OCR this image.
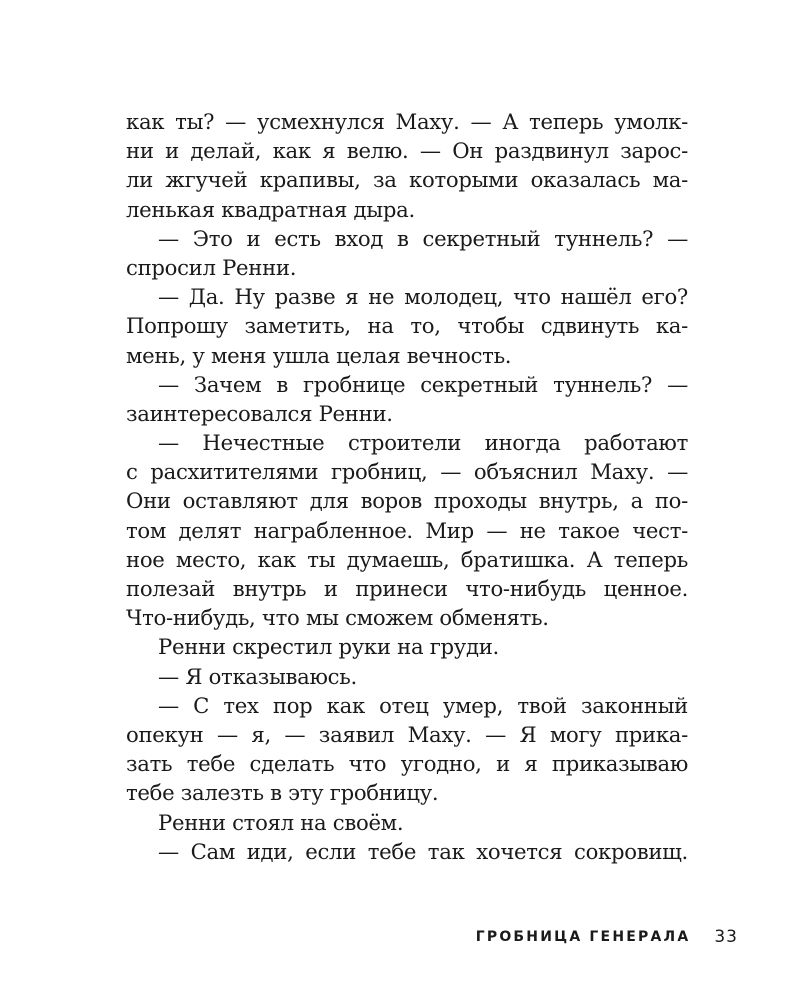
как ты? — усмехнулся Маху. — А теперь умолк-
ни и делай, как я велю. — Он раздвинул зарос-
ли жгучей крапивы, за которыми оказалась ма-
ленькая квадратная дыра.
— Это и есть вход в секретный туннель? —
спросил Ренни.
— Да. Ну разве я не молодец, что нашёл его?
Попрошу заметить, на то, чтобы сдвинуть ка-
мень, у меня ушла целая вечность.
— Зачем в гробнице секретный туннель? —
заинтересовался Ренни.
— Нечестные строители иногда работают
с расхитителями гробниц, — объяснил Маху. —
Они оставляют для воров проходы внутрь, а по-
том делят награбленное. Мир — не такое чест-
ное место, как ты думаешь, братишка. А теперь
полезай внутрь и принеси что-нибудь ценное.
Что-нибудь, что мы сможем обменять.
Ренни скрестил руки на груди.
— Я отказываюсь.
— С тех пор как отец умер, твой законный
опекун — я, — заявил Маху. — Я могу прика-
зать тебе сделать что угодно, и я приказываю
тебе залезть в эту гробницу.
Ренни стоял на своём.
— Сам иди, если тебе так хочется сокровищ.
ГРОБНИЦА ГЕНЕРАЛА 33
